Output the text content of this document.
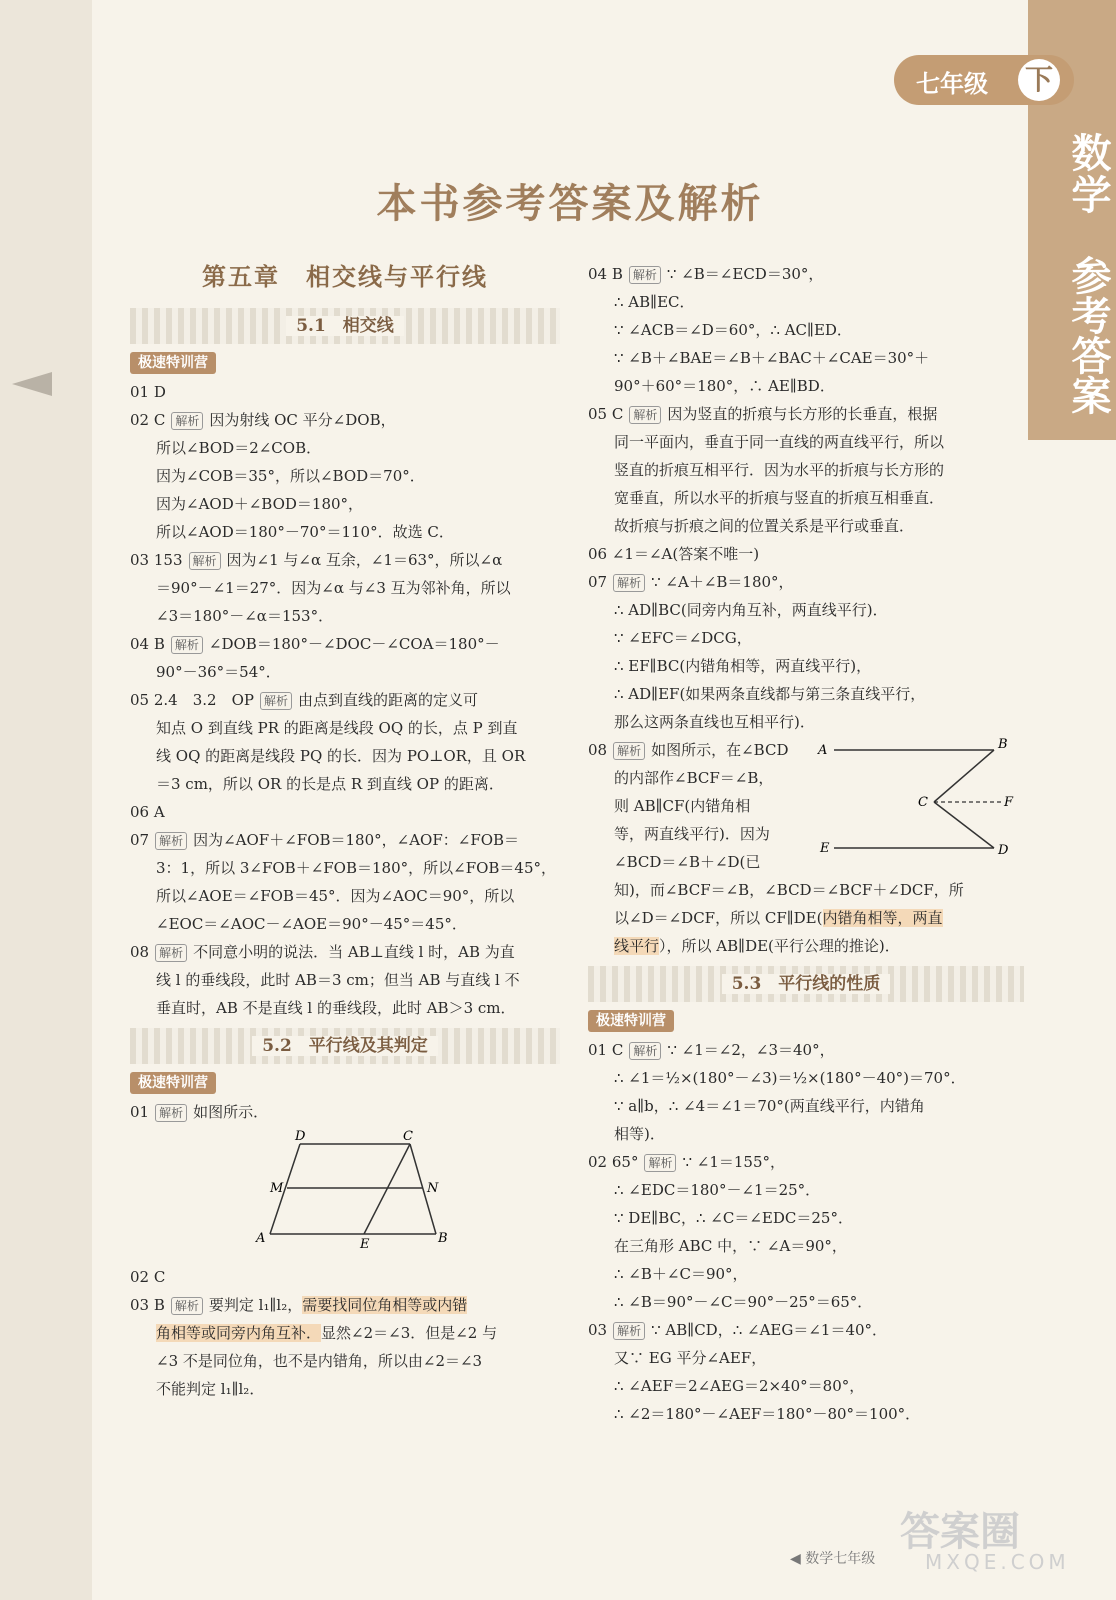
数学
参考答案
七年级 下
本书参考答案及解析
第五章　相交线与平行线
5.1　相交线
极速特训营

01 D

02 C 解析 因为射线 OC 平分∠DOB，

所以∠BOD＝2∠COB．

因为∠COB＝35°，所以∠BOD＝70°．

因为∠AOD＋∠BOD＝180°，

所以∠AOD＝180°－70°＝110°．故选 C．

03 153 解析 因为∠1 与∠α 互余，∠1＝63°，所以∠α

＝90°－∠1＝27°．因为∠α 与∠3 互为邻补角，所以

∠3＝180°－∠α＝153°．

04 B 解析 ∠DOB＝180°－∠DOC－∠COA＝180°－

90°－36°＝54°．

05 2.4　3.2　OP 解析 由点到直线的距离的定义可

知点 O 到直线 PR 的距离是线段 OQ 的长，点 P 到直

线 OQ 的距离是线段 PQ 的长．因为 PO⊥OR，且 OR

＝3 cm，所以 OR 的长是点 R 到直线 OP 的距离．

06 A

07 解析 因为∠AOF＋∠FOB＝180°，∠AOF：∠FOB＝

3：1，所以 3∠FOB＋∠FOB＝180°，所以∠FOB＝45°，

所以∠AOE＝∠FOB＝45°．因为∠AOC＝90°，所以

∠EOC＝∠AOC－∠AOE＝90°－45°＝45°．

08 解析 不同意小明的说法．当 AB⊥直线 l 时，AB 为直

线 l 的垂线段，此时 AB＝3 cm；但当 AB 与直线 l 不

垂直时，AB 不是直线 l 的垂线段，此时 AB＞3 cm．

5.2　平行线及其判定
极速特训营

01 解析 如图所示．

D	C
M	N
A	E	B

02 C

03 B 解析 要判定 l₁∥l₂，需要找同位角相等或内错

角相等或同旁内角互补．显然∠2＝∠3．但是∠2 与

∠3 不是同位角，也不是内错角，所以由∠2＝∠3

不能判定 l₁∥l₂．

04 B 解析 ∵ ∠B＝∠ECD＝30°，

∴ AB∥EC．

∵ ∠ACB＝∠D＝60°，∴ AC∥ED．

∵ ∠B＋∠BAE＝∠B＋∠BAC＋∠CAE＝30°＋

90°＋60°＝180°，∴ AE∥BD．

05 C 解析 因为竖直的折痕与长方形的长垂直，根据

同一平面内，垂直于同一直线的两直线平行，所以

竖直的折痕互相平行．因为水平的折痕与长方形的

宽垂直，所以水平的折痕与竖直的折痕互相垂直．

故折痕与折痕之间的位置关系是平行或垂直．

06 ∠1＝∠A(答案不唯一)

07 解析 ∵ ∠A＋∠B＝180°，

∴ AD∥BC(同旁内角互补，两直线平行)．

∵ ∠EFC＝∠DCG，

∴ EF∥BC(内错角相等，两直线平行)，

∴ AD∥EF(如果两条直线都与第三条直线平行，

那么这两条直线也互相平行)．

A	B
C	F
E	D

08 解析 如图所示，在∠BCD

的内部作∠BCF＝∠B，

则 AB∥CF(内错角相

等，两直线平行)．因为

∠BCD＝∠B＋∠D(已

知)，而∠BCF＝∠B，∠BCD＝∠BCF＋∠DCF，所

以∠D＝∠DCF，所以 CF∥DE(内错角相等，两直

线平行），所以 AB∥DE(平行公理的推论)．

5.3　平行线的性质
极速特训营

01 C 解析 ∵ ∠1＝∠2，∠3＝40°，

∴ ∠1＝½×(180°－∠3)＝½×(180°－40°)＝70°．

∵ a∥b，∴ ∠4＝∠1＝70°(两直线平行，内错角

相等)．

02 65° 解析 ∵ ∠1＝155°，

∴ ∠EDC＝180°－∠1＝25°．

∵ DE∥BC，∴ ∠C＝∠EDC＝25°．

在三角形 ABC 中，∵ ∠A＝90°，

∴ ∠B＋∠C＝90°，

∴ ∠B＝90°－∠C＝90°－25°＝65°．

03 解析 ∵ AB∥CD，∴ ∠AEG＝∠1＝40°．

又∵ EG 平分∠AEF，

∴ ∠AEF＝2∠AEG＝2×40°＝80°，

∴ ∠2＝180°－∠AEF＝180°－80°＝100°．

◀ 数学七年级
答案圈
MXQE.COM
